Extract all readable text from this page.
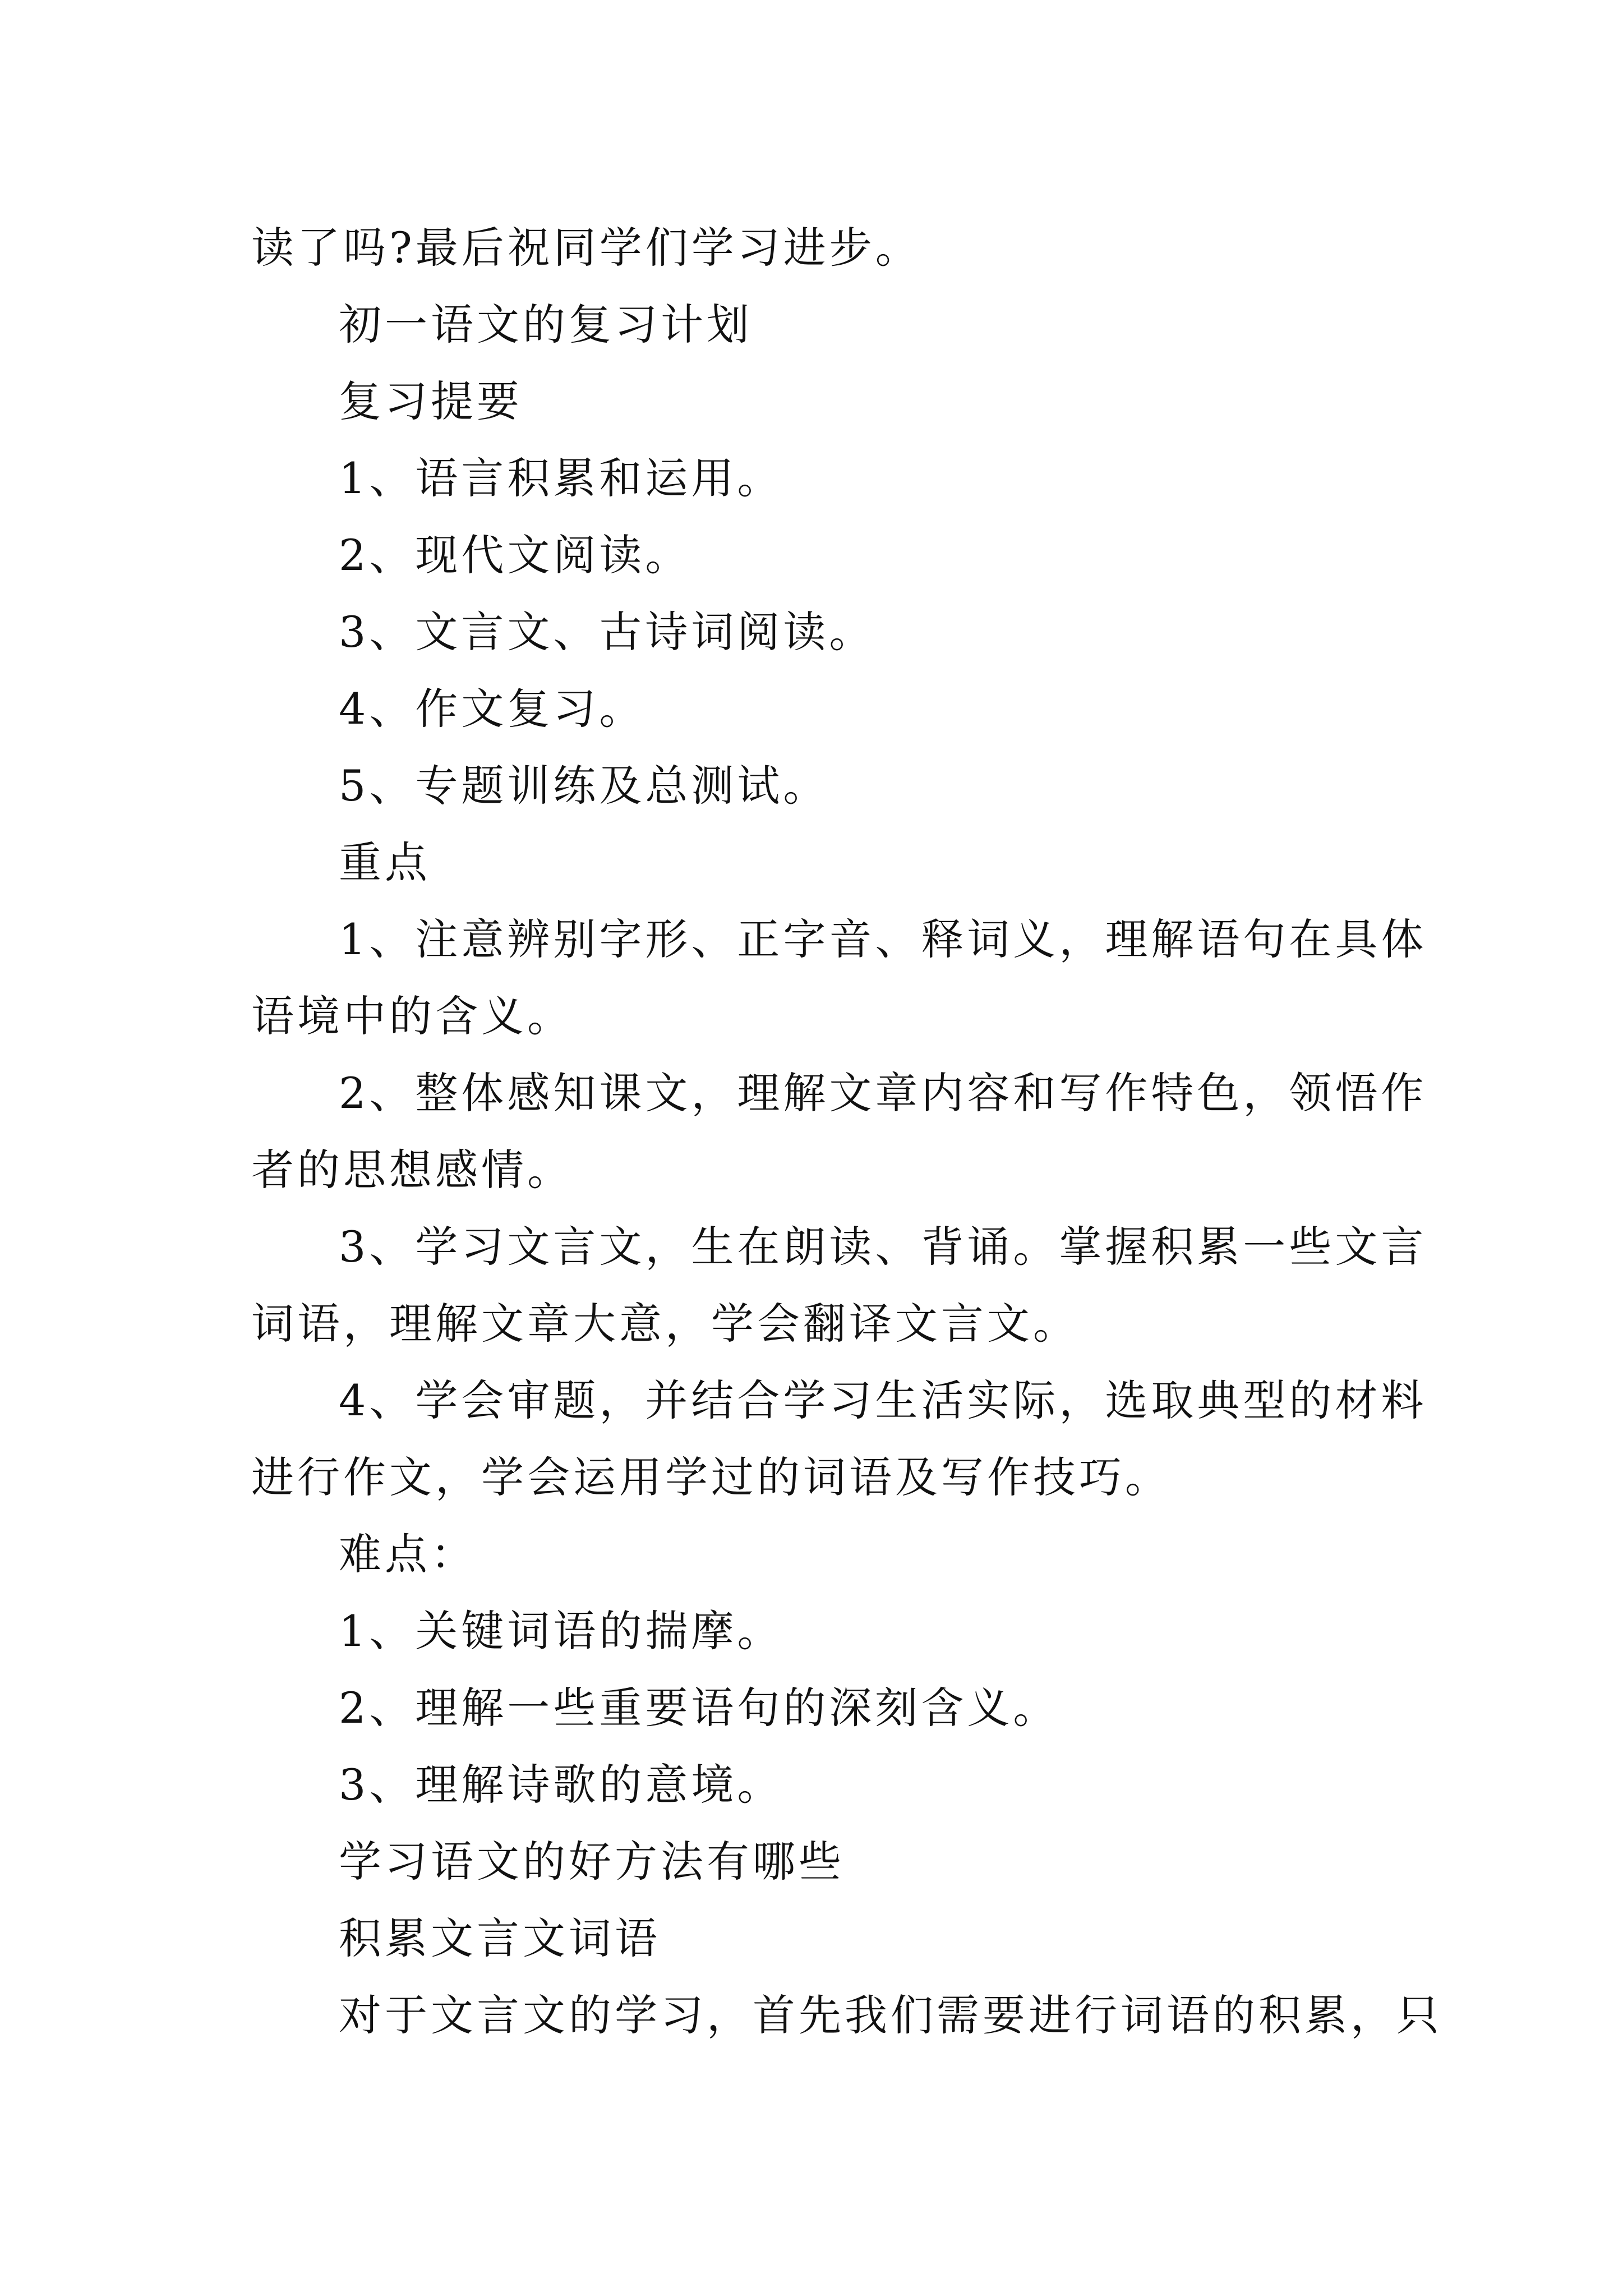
读了吗?最后祝同学们学习进步。
初一语文的复习计划
复习提要
1、语言积累和运用。
2、现代文阅读。
3、文言文、古诗词阅读。
4、作文复习。
5、专题训练及总测试。
重点
1、注意辨别字形、正字音、释词义，理解语句在具体
语境中的含义。
2、整体感知课文，理解文章内容和写作特色，领悟作
者的思想感情。
3、学习文言文，生在朗读、背诵。掌握积累一些文言
词语，理解文章大意，学会翻译文言文。
4、学会审题，并结合学习生活实际，选取典型的材料
进行作文，学会运用学过的词语及写作技巧。
难点：
1、关键词语的揣摩。
2、理解一些重要语句的深刻含义。
3、理解诗歌的意境。
学习语文的好方法有哪些
积累文言文词语
对于文言文的学习，首先我们需要进行词语的积累，只
